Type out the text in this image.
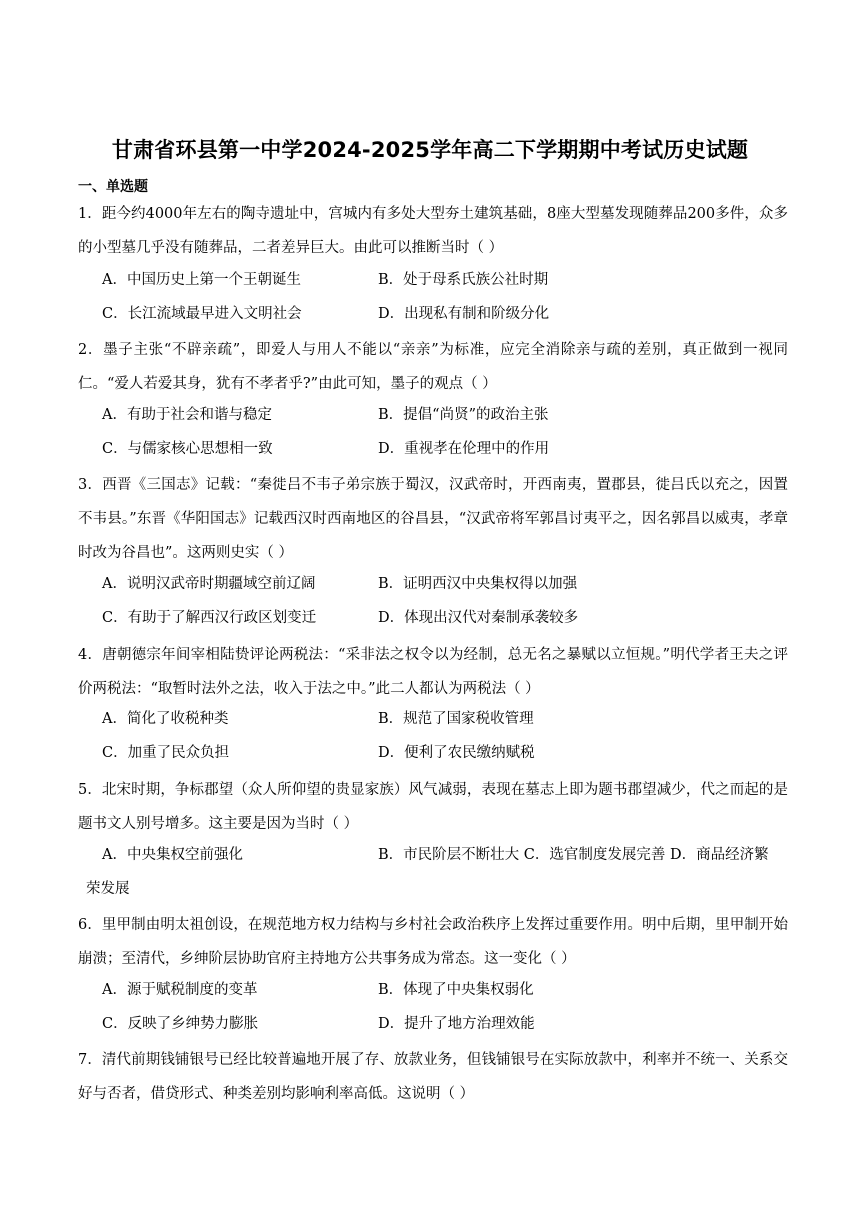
甘肃省环县第一中学2024-2025学年高二下学期期中考试历史试题
一、单选题
1．距今约4000年左右的陶寺遗址中，宫城内有多处大型夯土建筑基础，8座大型墓发现随葬品200多件，众多的小型墓几乎没有随葬品，二者差异巨大。由此可以推断当时（ ）
A．中国历史上第一个王朝诞生	B．处于母系氏族公社时期
C．长江流域最早进入文明社会	D．出现私有制和阶级分化
2．墨子主张“不辟亲疏”，即爱人与用人不能以“亲亲”为标准，应完全消除亲与疏的差别，真正做到一视同仁。“爱人若爱其身，犹有不孝者乎?”由此可知，墨子的观点（ ）
A．有助于社会和谐与稳定	B．提倡“尚贤”的政治主张
C．与儒家核心思想相一致	D．重视孝在伦理中的作用
3．西晋《三国志》记载：“秦徙吕不韦子弟宗族于蜀汉，汉武帝时，开西南夷，置郡县，徙吕氏以充之，因置不韦县。”东晋《华阳国志》记载西汉时西南地区的谷昌县，“汉武帝将军郭昌讨夷平之，因名郭昌以威夷，孝章时改为谷昌也”。这两则史实（ ）
A．说明汉武帝时期疆域空前辽阔	B．证明西汉中央集权得以加强
C．有助于了解西汉行政区划变迁	D．体现出汉代对秦制承袭较多
4．唐朝德宗年间宰相陆贽评论两税法：“采非法之权令以为经制，总无名之暴赋以立恒规。”明代学者王夫之评价两税法：“取暂时法外之法，收入于法之中。”此二人都认为两税法（ ）
A．简化了收税种类	B．规范了国家税收管理
C．加重了民众负担	D．便利了农民缴纳赋税
5．北宋时期，争标郡望（众人所仰望的贵显家族）风气减弱，表现在墓志上即为题书郡望减少，代之而起的是题书文人别号增多。这主要是因为当时（ ）
A．中央集权空前强化	B．市民阶层不断壮大 C．选官制度发展完善 D．商品经济繁
荣发展
6．里甲制由明太祖创设，在规范地方权力结构与乡村社会政治秩序上发挥过重要作用。明中后期，里甲制开始崩溃；至清代，乡绅阶层协助官府主持地方公共事务成为常态。这一变化（ ）
A．源于赋税制度的变革	B．体现了中央集权弱化
C．反映了乡绅势力膨胀	D．提升了地方治理效能
7．清代前期钱铺银号已经比较普遍地开展了存、放款业务，但钱铺银号在实际放款中，利率并不统一、关系交好与否者，借贷形式、种类差别均影响利率高低。这说明（ ）
